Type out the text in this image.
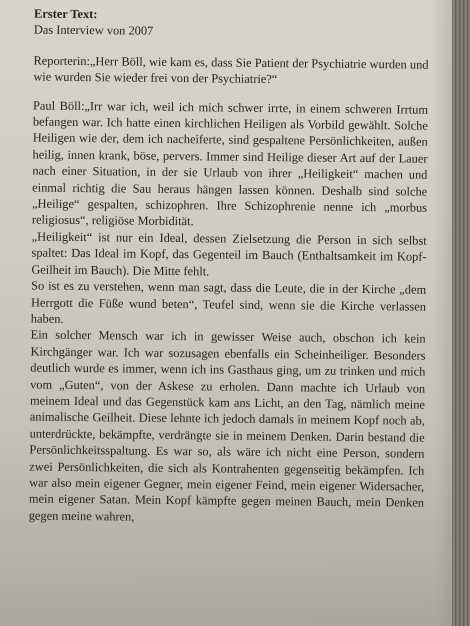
Erster Text:

Das Interview von 2007

Reporterin:„Herr Böll, wie kam es, dass Sie Patient der Psychiatrie wurden und wie wurden Sie wieder frei von der Psychiatrie?“

Paul Böll:„Irr war ich, weil ich mich schwer irrte, in einem schweren Irrtum befangen war. Ich hatte einen kirchlichen Heiligen als Vorbild gewählt. Solche Heiligen wie der, dem ich nacheiferte, sind gespaltene Persönlichkeiten, außen heilig, innen krank, böse, pervers. Immer sind Heilige dieser Art auf der Lauer nach einer Situation, in der sie Urlaub von ihrer „Heiligkeit“ machen und einmal richtig die Sau heraus hängen lassen können. Deshalb sind solche „Heilige“ gespalten, schizophren. Ihre Schizophrenie nenne ich „morbus religiosus“, religiöse Morbidität.

„Heiligkeit“ ist nur ein Ideal, dessen Zielsetzung die Person in sich selbst spaltet: Das Ideal im Kopf, das Gegenteil im Bauch (Enthaltsamkeit im Kopf-Geilheit im Bauch). Die Mitte fehlt.

So ist es zu verstehen, wenn man sagt, dass die Leute, die in der Kirche „dem Herrgott die Füße wund beten“, Teufel sind, wenn sie die Kirche verlassen haben.

Ein solcher Mensch war ich in gewisser Weise auch, obschon ich kein Kirchgänger war. Ich war sozusagen ebenfalls ein Scheinheiliger. Besonders deutlich wurde es immer, wenn ich ins Gasthaus ging, um zu trinken und mich vom „Guten“, von der Askese zu erholen. Dann machte ich Urlaub von meinem Ideal und das Gegenstück kam ans Licht, an den Tag, nämlich meine animalische Geilheit. Diese lehnte ich jedoch damals in meinem Kopf noch ab, unterdrückte, bekämpfte, verdrängte sie in meinem Denken. Darin bestand die Persönlichkeitsspaltung. Es war so, als wäre ich nicht eine Person, sondern zwei Persönlichkeiten, die sich als Kontrahenten gegenseitig bekämpfen. Ich war also mein eigener Gegner, mein eigener Feind, mein eigener Widersacher, mein eigener Satan. Mein Kopf kämpfte gegen meinen Bauch, mein Denken gegen meine wahren,
